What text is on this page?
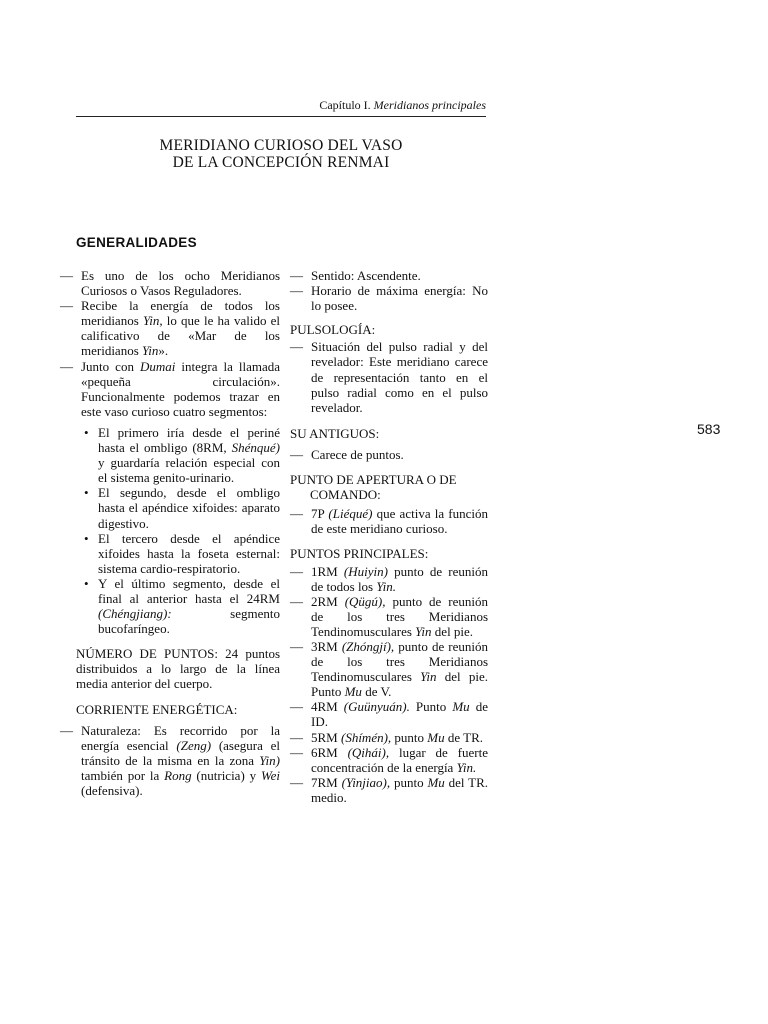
Capítulo I. Meridianos principales
MERIDIANO CURIOSO DEL VASO
DE LA CONCEPCIÓN RENMAI
GENERALIDADES
583
— Es uno de los ocho Meridianos Curiosos o Vasos Reguladores.
— Recibe la energía de todos los meridianos Yin, lo que le ha valido el calificativo de «Mar de los meridianos Yin».
— Junto con Dumai integra la llamada «pequeña circulación». Funcionalmente podemos trazar en este vaso curioso cuatro segmentos:
• El primero iría desde el periné hasta el ombligo (8RM, Shénqué) y guardaría relación especial con el sistema genito-urinario.
• El segundo, desde el ombligo hasta el apéndice xifoides: aparato digestivo.
• El tercero desde el apéndice xifoides hasta la foseta esternal: sistema cardio-respiratorio.
• Y el último segmento, desde el final al anterior hasta el 24RM (Chéngjiang): segmento bucofaríngeo.
NÚMERO DE PUNTOS: 24 puntos distribuidos a lo largo de la línea media anterior del cuerpo.
CORRIENTE ENERGÉTICA:
— Naturaleza: Es recorrido por la energía esencial (Zeng) (asegura el tránsito de la misma en la zona Yin) también por la Rong (nutricia) y Wei (defensiva).
— Sentido: Ascendente.
— Horario de máxima energía: No lo posee.
PULSOLOGÍA:
— Situación del pulso radial y del revelador: Este meridiano carece de representación tanto en el pulso radial como en el pulso revelador.
SU ANTIGUOS:
— Carece de puntos.
PUNTO DE APERTURA O DE
COMANDO:
— 7P (Liéqué) que activa la función de este meridiano curioso.
PUNTOS PRINCIPALES:
— 1RM (Huiyin) punto de reunión de todos los Yin.
— 2RM (Qügú), punto de reunión de los tres Meridianos Tendinomusculares Yin del pie.
— 3RM (Zhóngjí), punto de reunión de los tres Meridianos Tendinomusculares Yin del pie. Punto Mu de V.
— 4RM (Guünyuán). Punto Mu de ID.
— 5RM (Shímén), punto Mu de TR.
— 6RM (Qihái), lugar de fuerte concentración de la energía Yin.
— 7RM (Yinjiao), punto Mu del TR. medio.
